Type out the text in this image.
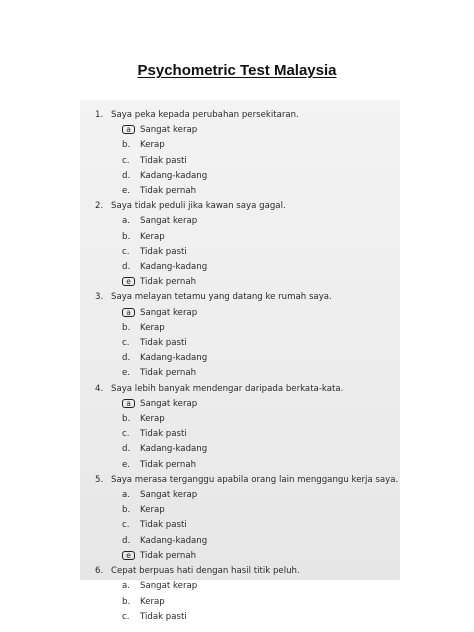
Psychometric Test Malaysia
1. Saya peka kepada perubahan persekitaran.
a Sangat kerap
b. Kerap
c. Tidak pasti
d. Kadang-kadang
e. Tidak pernah
2. Saya tidak peduli jika kawan saya gagal.
a. Sangat kerap
b. Kerap
c. Tidak pasti
d. Kadang-kadang
e Tidak pernah
3. Saya melayan tetamu yang datang ke rumah saya.
a Sangat kerap
b. Kerap
c. Tidak pasti
d. Kadang-kadang
e. Tidak pernah
4. Saya lebih banyak mendengar daripada berkata-kata.
a Sangat kerap
b. Kerap
c. Tidak pasti
d. Kadang-kadang
e. Tidak pernah
5. Saya merasa terganggu apabila orang lain menggangu kerja saya.
a. Sangat kerap
b. Kerap
c. Tidak pasti
d. Kadang-kadang
e Tidak pernah
6. Cepat berpuas hati dengan hasil titik peluh.
a. Sangat kerap
b. Kerap
c. Tidak pasti
